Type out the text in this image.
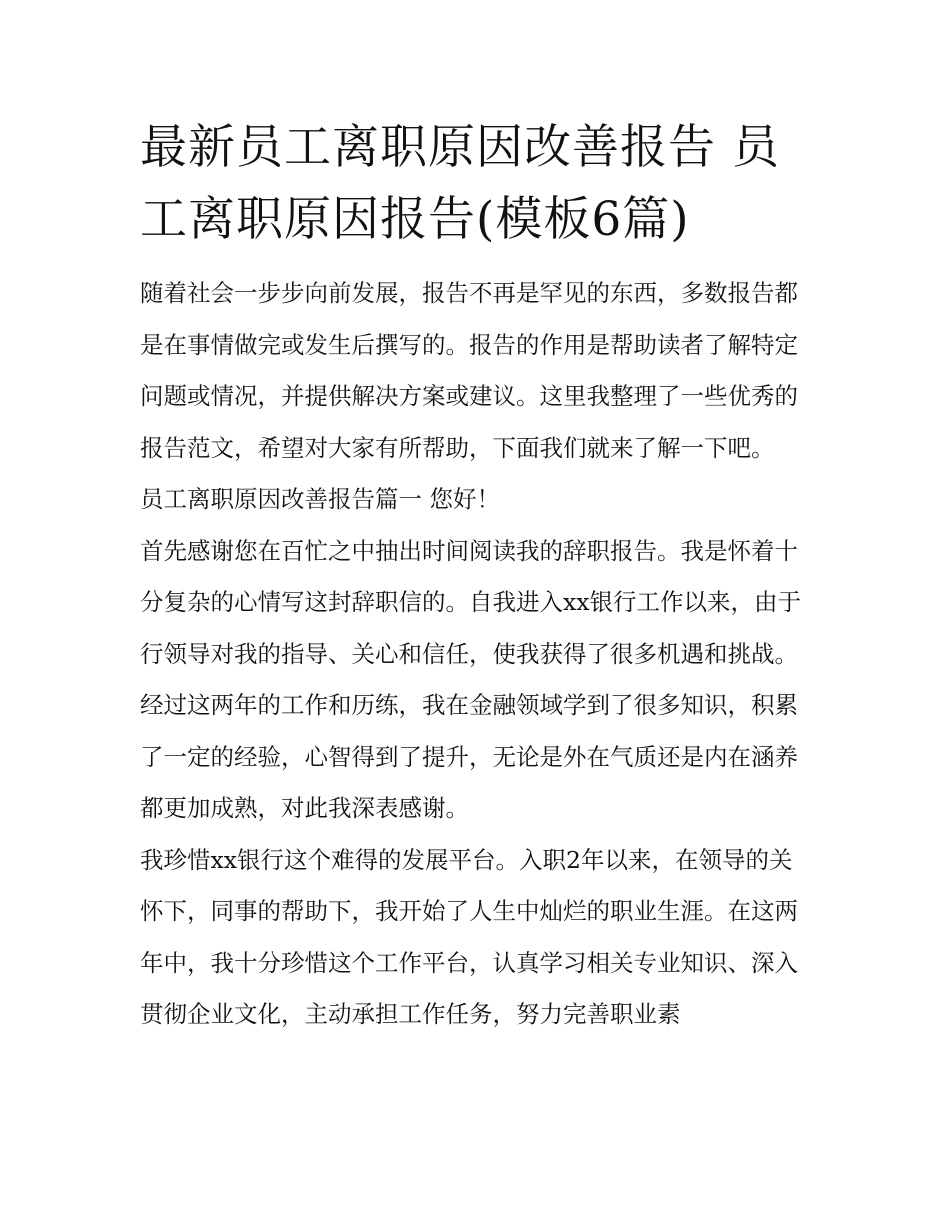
最新员工离职原因改善报告 员工离职原因报告(模板6篇)

随着社会一步步向前发展，报告不再是罕见的东西，多数报告都是在事情做完或发生后撰写的。报告的作用是帮助读者了解特定问题或情况，并提供解决方案或建议。这里我整理了一些优秀的报告范文，希望对大家有所帮助，下面我们就来了解一下吧。

员工离职原因改善报告篇一 您好！

首先感谢您在百忙之中抽出时间阅读我的辞职报告。我是怀着十分复杂的心情写这封辞职信的。自我进入xx银行工作以来，由于行领导对我的指导、关心和信任，使我获得了很多机遇和挑战。经过这两年的工作和历练，我在金融领域学到了很多知识，积累了一定的经验，心智得到了提升，无论是外在气质还是内在涵养都更加成熟，对此我深表感谢。

我珍惜xx银行这个难得的发展平台。入职2年以来，在领导的关怀下，同事的帮助下，我开始了人生中灿烂的职业生涯。在这两年中，我十分珍惜这个工作平台，认真学习相关专业知识、深入贯彻企业文化，主动承担工作任务，努力完善职业素
